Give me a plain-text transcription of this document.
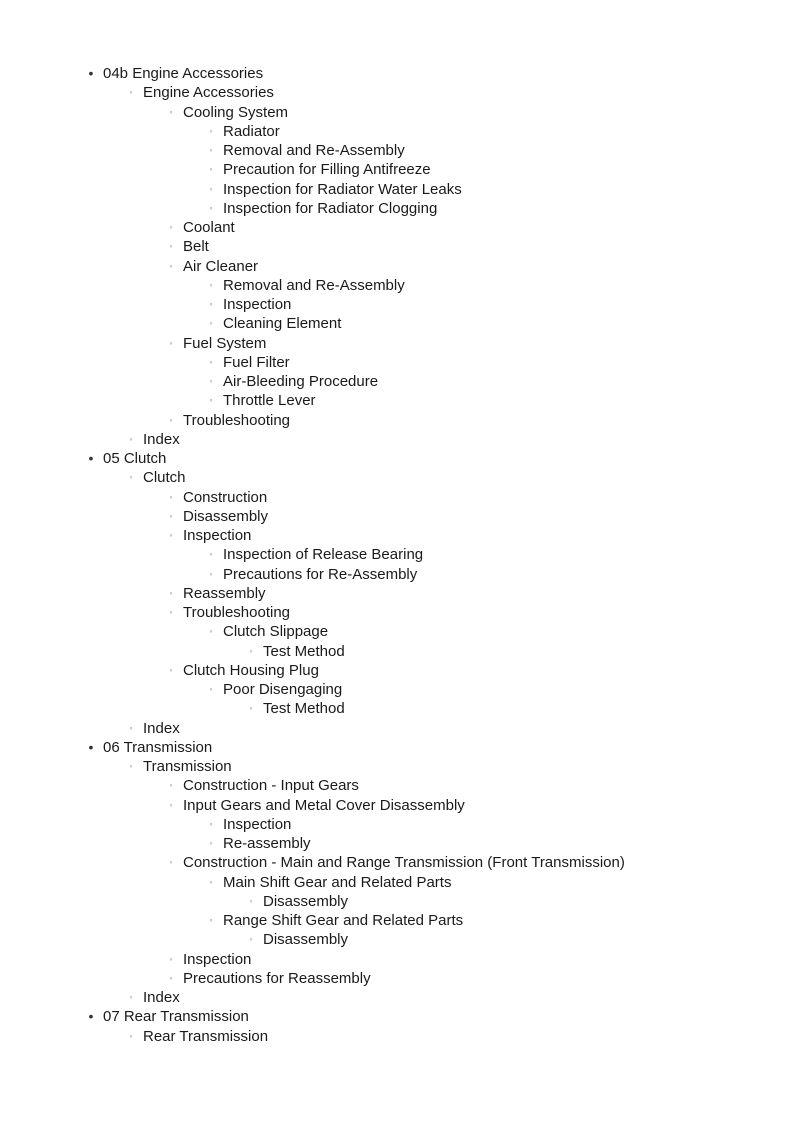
• 04b Engine Accessories
◦ Engine Accessories
◦ Cooling System
◦ Radiator
◦ Removal and Re-Assembly
◦ Precaution for Filling Antifreeze
◦ Inspection for Radiator Water Leaks
◦ Inspection for Radiator Clogging
◦ Coolant
◦ Belt
◦ Air Cleaner
◦ Removal and Re-Assembly
◦ Inspection
◦ Cleaning Element
◦ Fuel System
◦ Fuel Filter
◦ Air-Bleeding Procedure
◦ Throttle Lever
◦ Troubleshooting
◦ Index
• 05 Clutch
◦ Clutch
◦ Construction
◦ Disassembly
◦ Inspection
◦ Inspection of Release Bearing
◦ Precautions for Re-Assembly
◦ Reassembly
◦ Troubleshooting
◦ Clutch Slippage
◦ Test Method
◦ Clutch Housing Plug
◦ Poor Disengaging
◦ Test Method
◦ Index
• 06 Transmission
◦ Transmission
◦ Construction - Input Gears
◦ Input Gears and Metal Cover Disassembly
◦ Inspection
◦ Re-assembly
◦ Construction - Main and Range Transmission (Front Transmission)
◦ Main Shift Gear and Related Parts
◦ Disassembly
◦ Range Shift Gear and Related Parts
◦ Disassembly
◦ Inspection
◦ Precautions for Reassembly
◦ Index
• 07 Rear Transmission
◦ Rear Transmission
